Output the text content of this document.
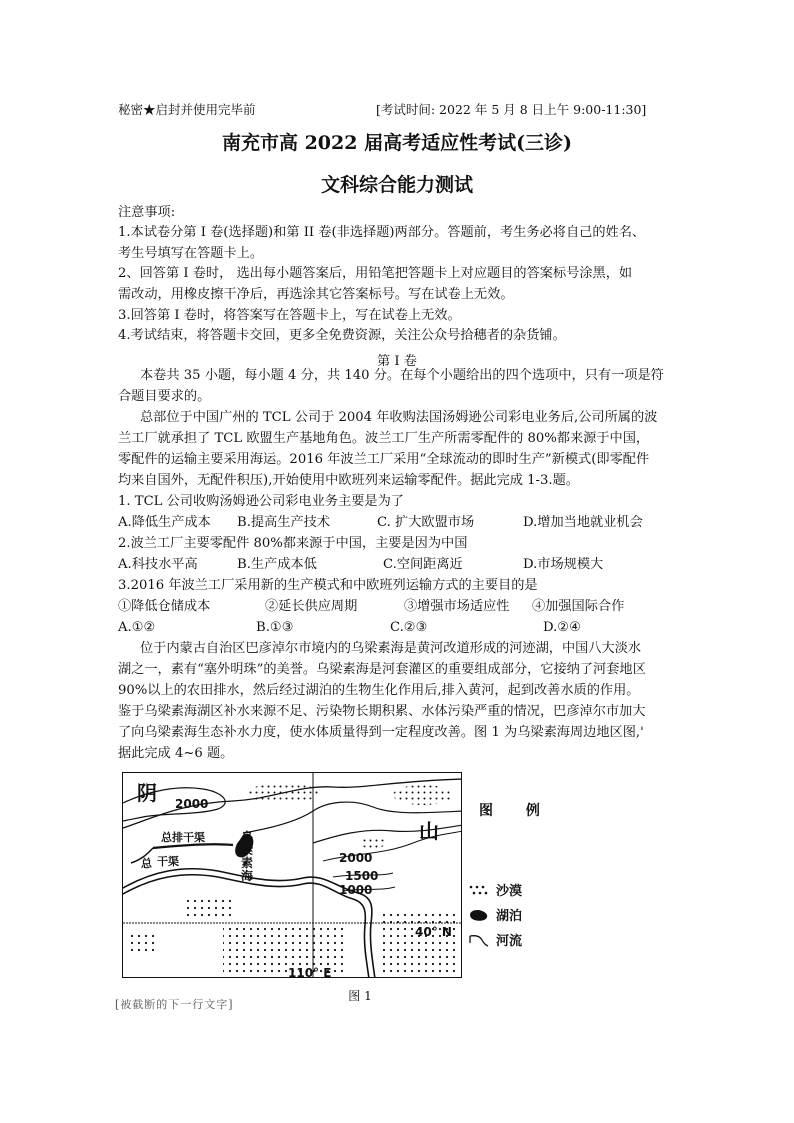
秘密★启封并使用完毕前	[考试时间: 2022 年 5 月 8 日上午 9:00-11:30]
南充市高 2022 届高考适应性考试(三诊)
文科综合能力测试
注意事项:
1.本试卷分第 I 卷(选择题)和第 II 卷(非选择题)两部分。答题前，考生务必将自己的姓名、
考生号填写在答题卡上。
2、回答第 I 卷时， 选出每小题答案后，用铅笔把答题卡上对应题目的答案标号涂黑，如
需改动，用橡皮擦干净后，再选涂其它答案标号。写在试卷上无效。
3.回答第 I 卷时，将答案写在答题卡上，写在试卷上无效。
4.考试结束，将答题卡交回，更多全免费资源，关注公众号拾穗者的杂货铺。
第 I 卷
本卷共 35 小题，每小题 4 分，共 140 分。在每个小题给出的四个选项中，只有一项是符
合题目要求的。
总部位于中国广州的 TCL 公司于 2004 年收购法国汤姆逊公司彩电业务后,公司所属的波
兰工厂就承担了 TCL 欧盟生产基地角色。波兰工厂生产所需零配件的 80%都来源于中国，
零配件的运输主要采用海运。2016 年波兰工厂采用“全球流动的即时生产”新模式(即零配件
均来自国外，无配件积压),开始使用中欧班列来运输零配件。据此完成 1-3.题。
1. TCL 公司收购汤姆逊公司彩电业务主要是为了
A.降低生产成本 B.提高生产技术	C. 扩大欧盟市场	D.增加当地就业机会
2.波兰工厂主要零配件 80%都来源于中国，主要是因为中国
A.科技水平高	B.生产成本低	C.空间距离近	D.市场规模大
3.2016 年波兰工厂采用新的生产模式和中欧班列运输方式的主要目的是
①降低仓储成本	②延长供应周期	③增强市场适应性 ④加强国际合作
A.①②	B.①③	C.②③	D.②④
位于内蒙古自治区巴彦淖尔市境内的乌梁素海是黄河改道形成的河迹湖，中国八大淡水
湖之一，素有“塞外明珠”的美誉。乌梁素海是河套灌区的重要组成部分，它接纳了河套地区
90%以上的农田排水，然后经过湖泊的生物生化作用后,排入黄河，起到改善水质的作用。
鉴于乌梁素海湖区补水来源不足、污染物长期积累、水体污染严重的情况，巴彦淖尔市加大
了向乌梁素海生态补水力度，使水体质量得到一定程度改善。图 1 为乌梁素海周边地区图,'
据此完成 4~6 题。
阴
山
2000
总排干渠	乌梁素海
总 干渠	2000
1500
1000
40° N
110° E
图 例
沙漠
湖泊
河流
图 1
[被截断的下一行文字]
